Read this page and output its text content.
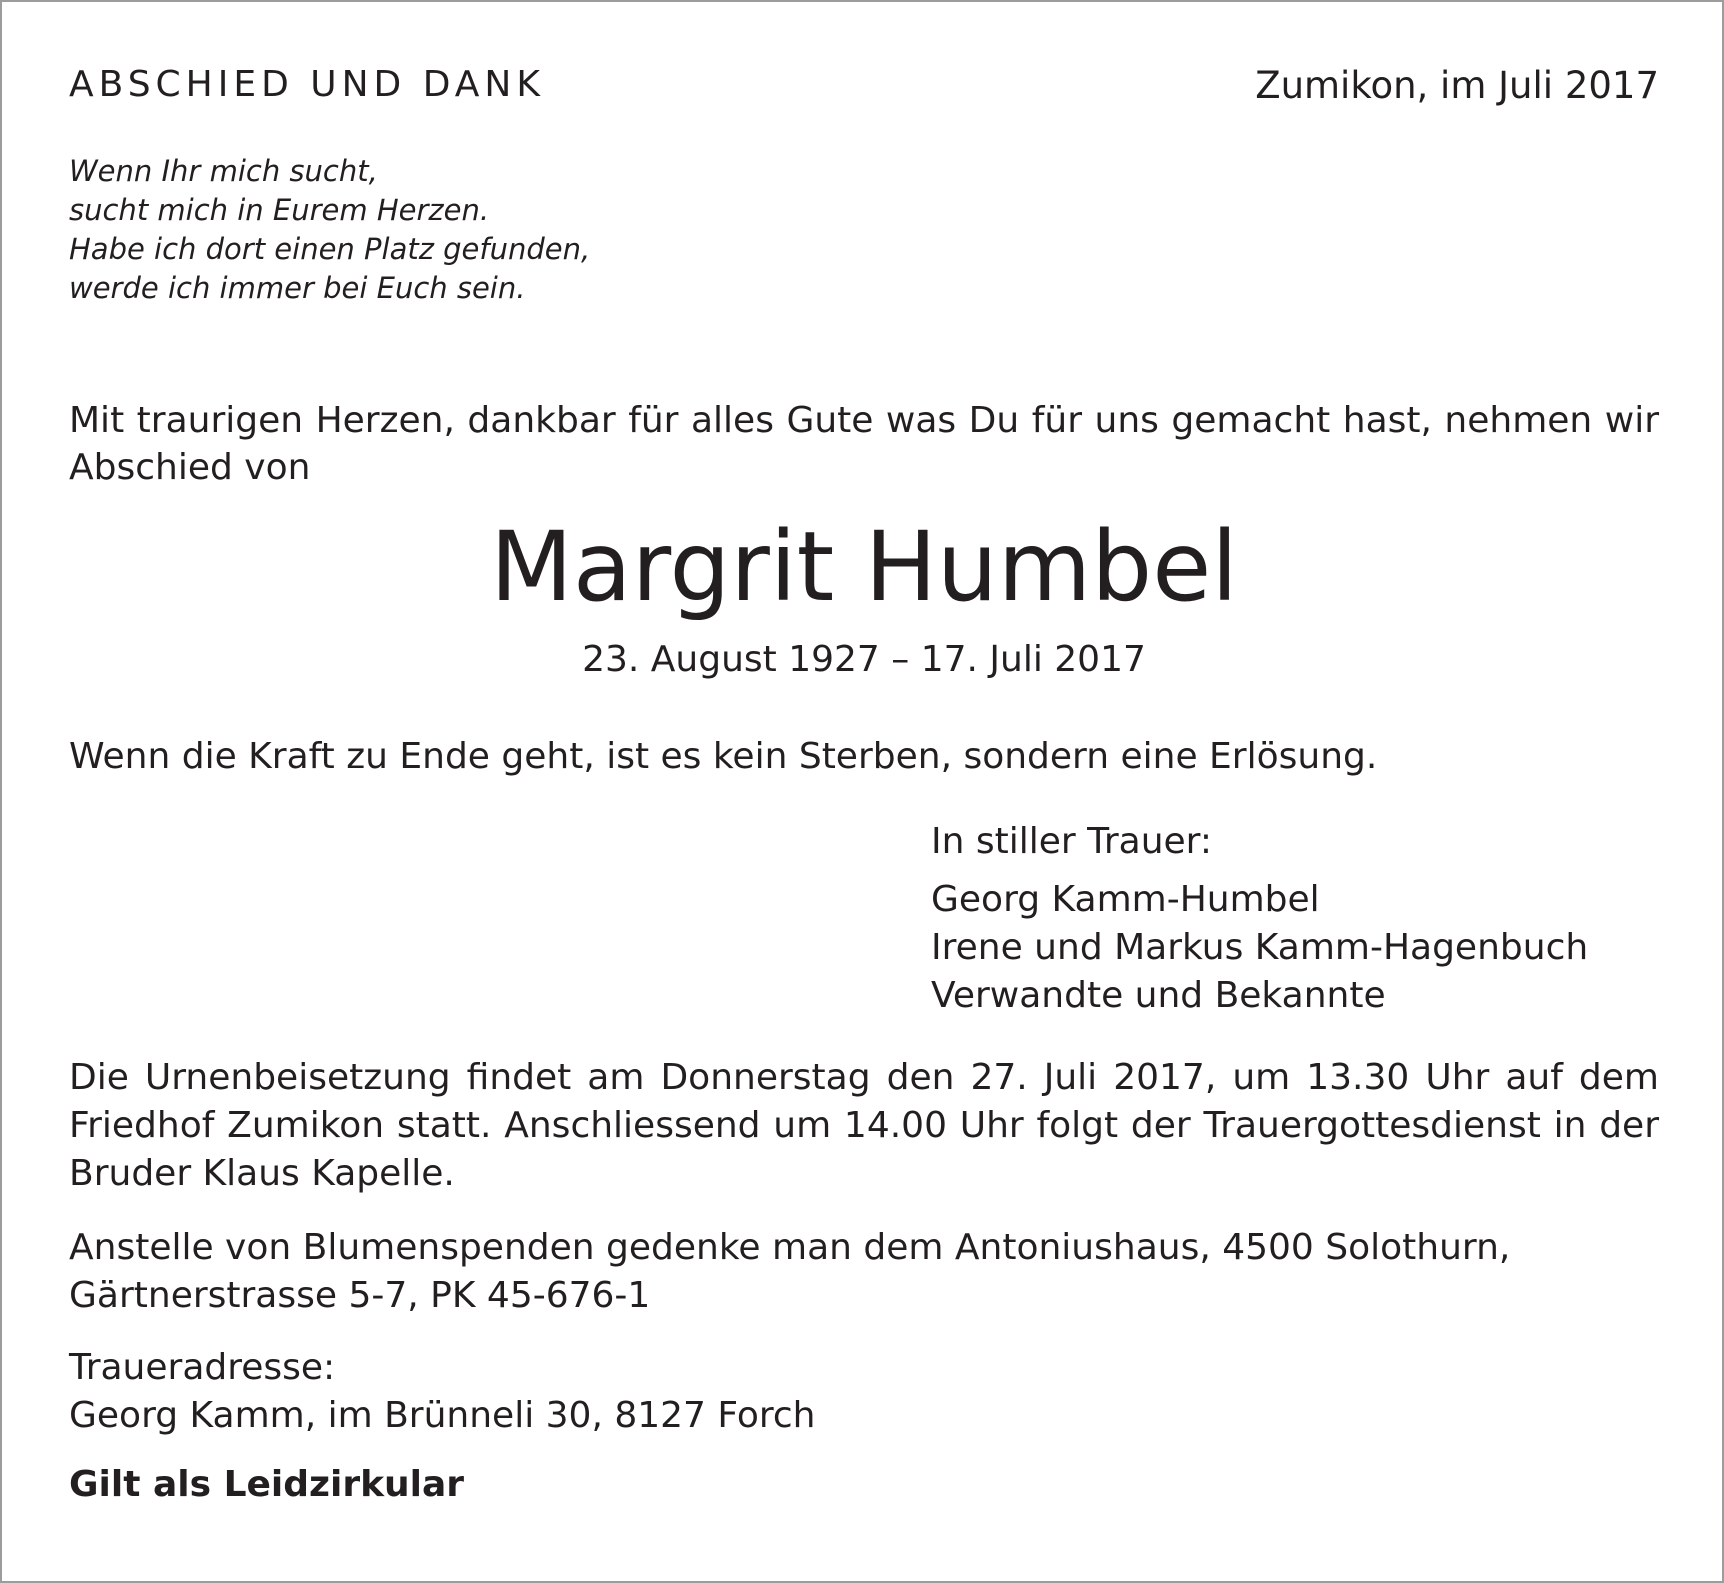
ABSCHIED UND DANK	Zumikon, im Juli 2017
Wenn Ihr mich sucht,
sucht mich in Eurem Herzen.
Habe ich dort einen Platz gefunden,
werde ich immer bei Euch sein.
Mit traurigen Herzen, dankbar für alles Gute was Du für uns gemacht hast, nehmen wir Abschied von
Margrit Humbel
23. August 1927 – 17. Juli 2017
Wenn die Kraft zu Ende geht, ist es kein Sterben, sondern eine Erlösung.
In stiller Trauer:
Georg Kamm-Humbel
Irene und Markus Kamm-Hagenbuch
Verwandte und Bekannte
Die Urnenbeisetzung findet am Donnerstag den 27. Juli 2017, um 13.30 Uhr auf dem Friedhof Zumikon statt. Anschliessend um 14.00 Uhr folgt der Trauergottesdienst in der Bruder Klaus Kapelle.
Anstelle von Blumenspenden gedenke man dem Antoniushaus, 4500 Solothurn,
Gärtnerstrasse 5-7, PK 45-676-1
Traueradresse:
Georg Kamm, im Brünneli 30, 8127 Forch
Gilt als Leidzirkular
